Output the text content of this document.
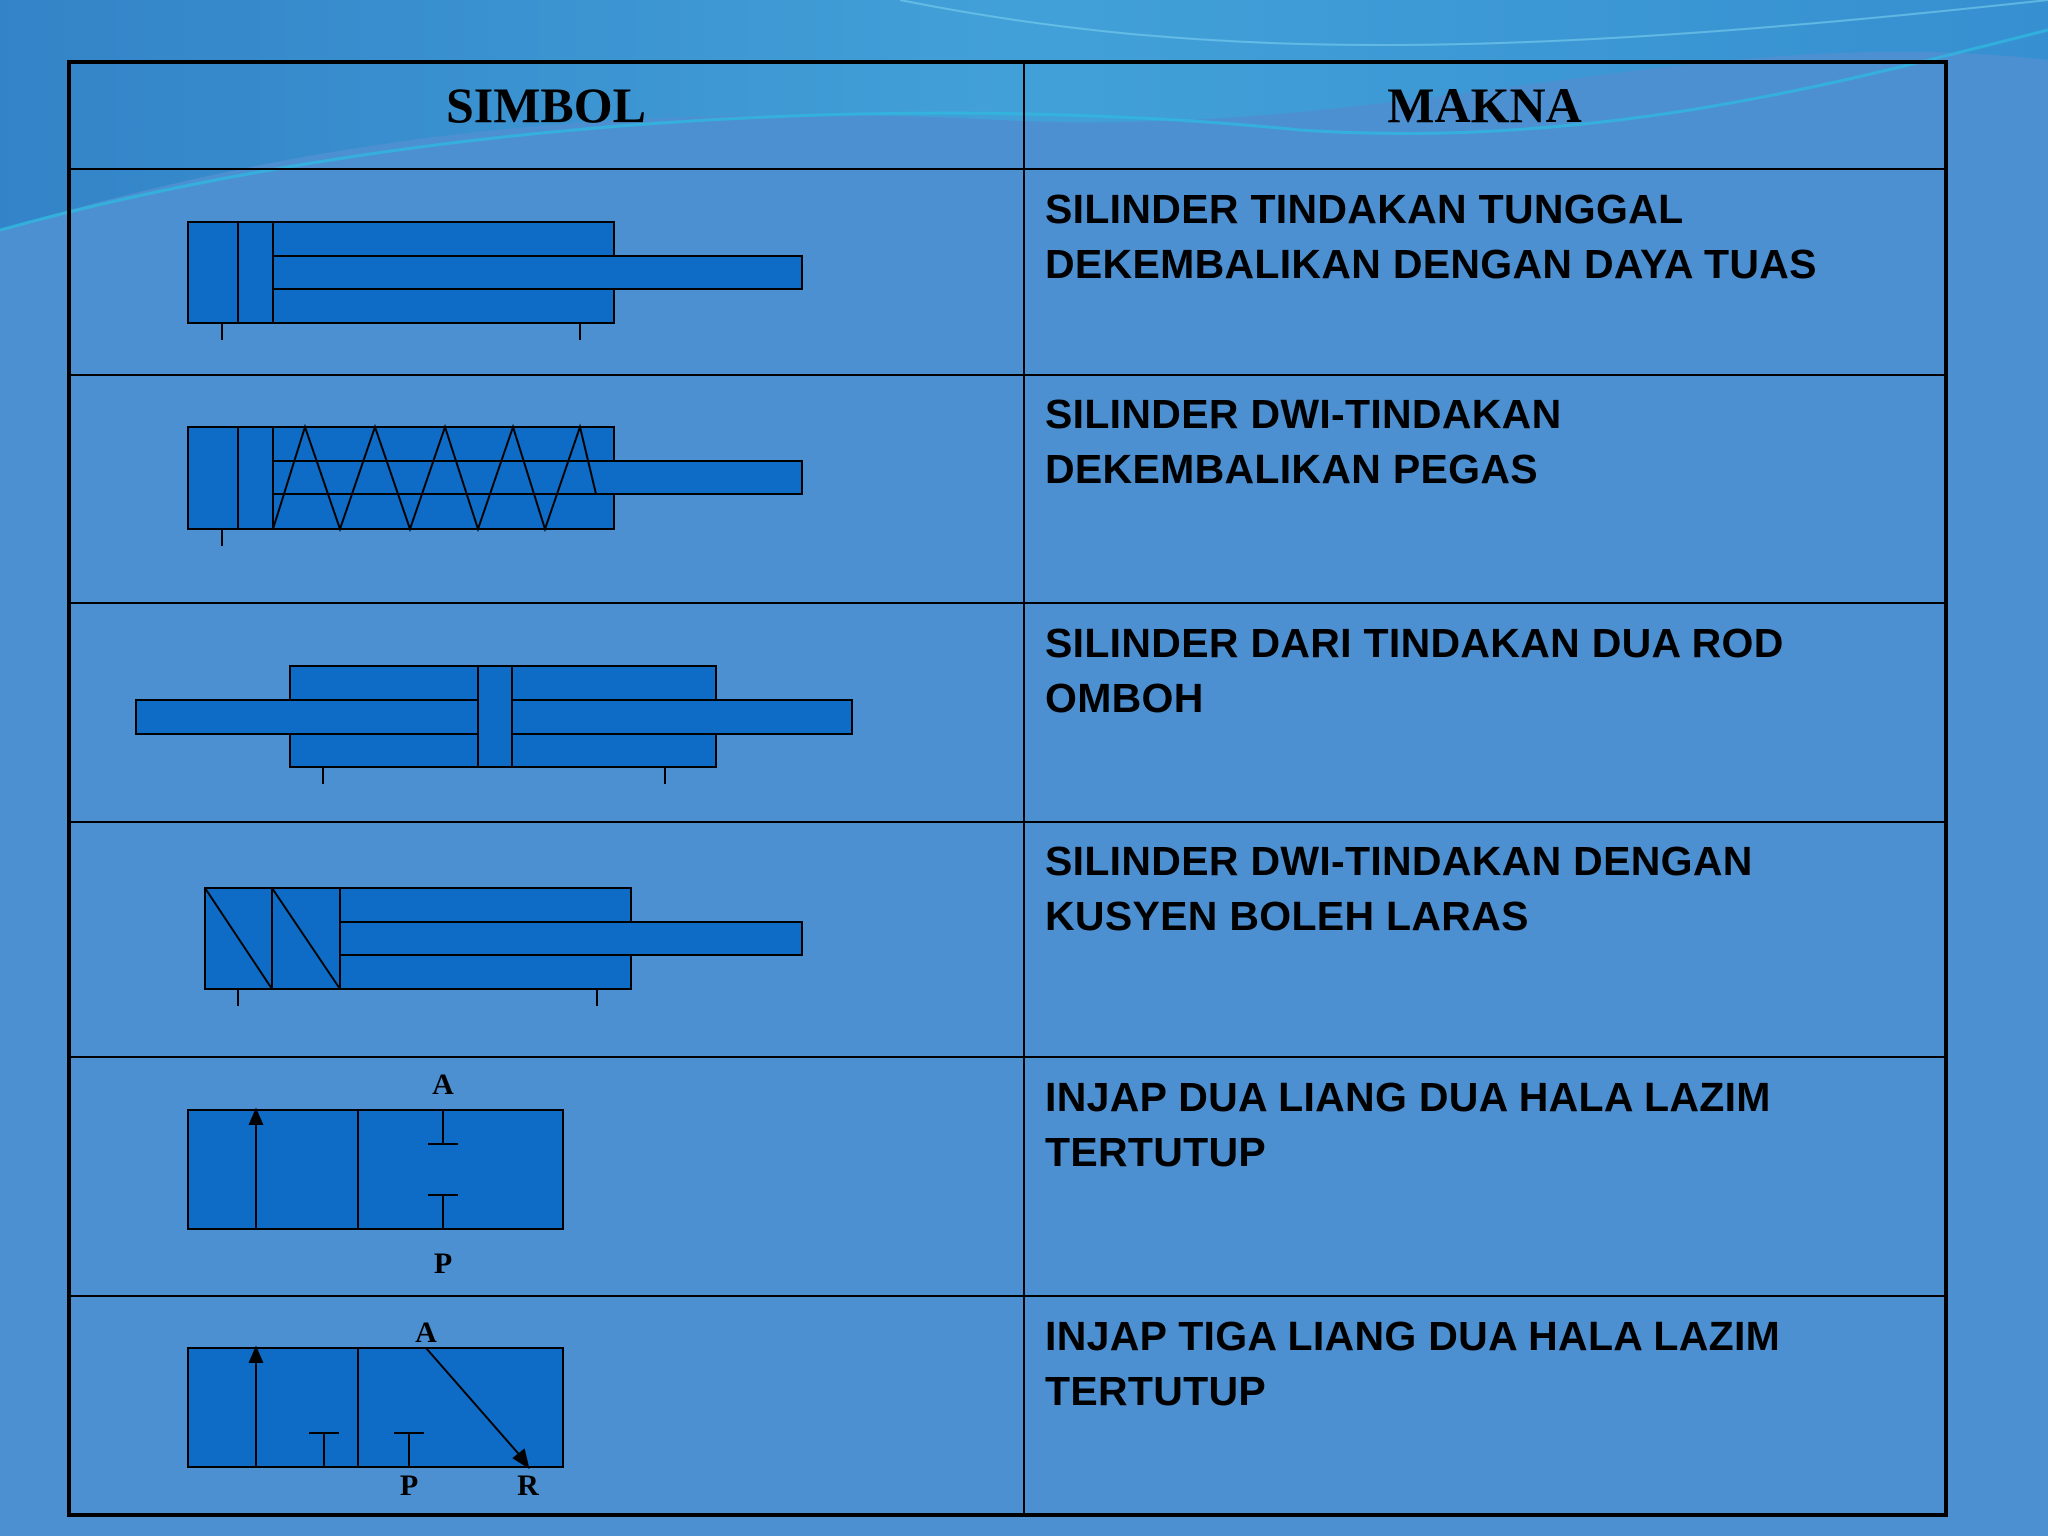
SIMBOL	MAKNA
SILINDER TINDAKAN TUNGGAL
DEKEMBALIKAN DENGAN DAYA TUAS
SILINDER DWI-TINDAKAN
DEKEMBALIKAN PEGAS
SILINDER DARI TINDAKAN DUA ROD
OMBOH
SILINDER DWI-TINDAKAN DENGAN
KUSYEN BOLEH LARAS
INJAP DUA LIANG DUA HALA LAZIM
TERTUTUP
INJAP TIGA LIANG DUA HALA LAZIM
TERTUTUP
A
P
A
P	R
